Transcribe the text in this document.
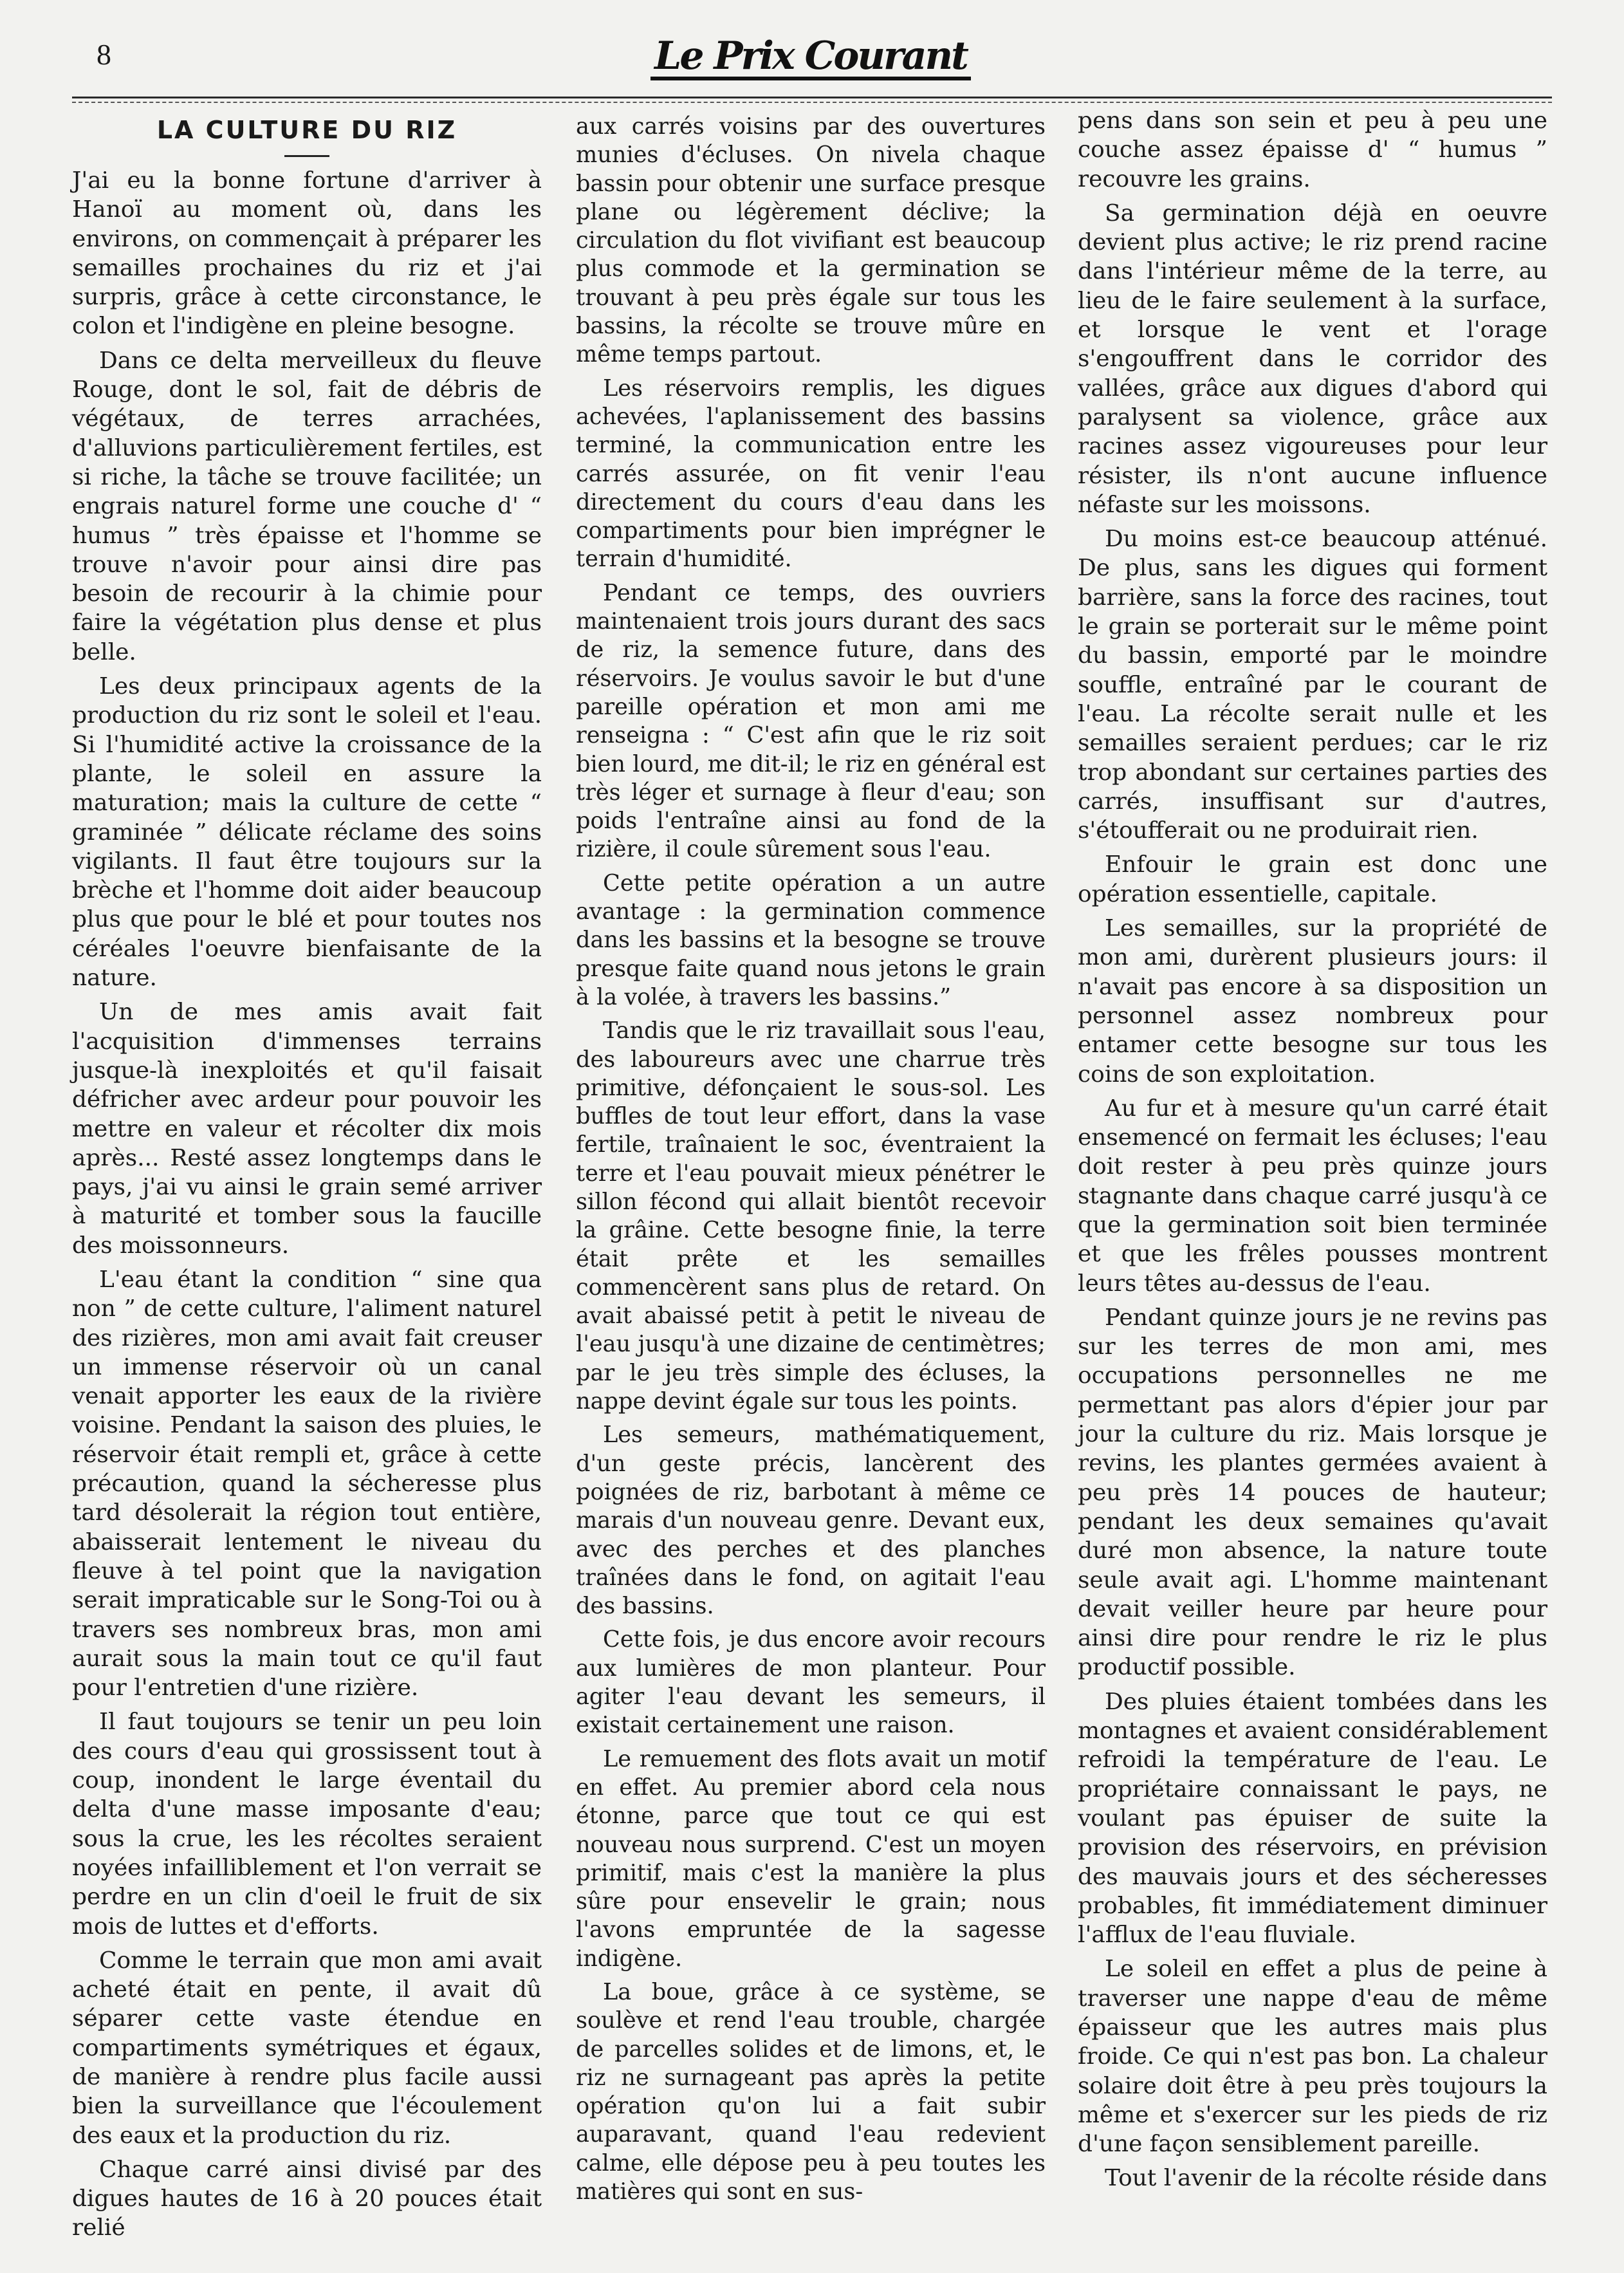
8	Le Prix Courant
LA CULTURE DU RIZ

J'ai eu la bonne fortune d'arriver à Hanoï au moment où, dans les environs, on commençait à préparer les semailles prochaines du riz et j'ai surpris, grâce à cette circonstance, le colon et l'indigène en pleine besogne.

Dans ce delta merveilleux du fleuve Rouge, dont le sol, fait de débris de végétaux, de terres arrachées, d'alluvions particulièrement fertiles, est si riche, la tâche se trouve facilitée; un engrais naturel forme une couche d' “ humus ” très épaisse et l'homme se trouve n'avoir pour ainsi dire pas besoin de recourir à la chimie pour faire la végétation plus dense et plus belle.

Les deux principaux agents de la production du riz sont le soleil et l'eau. Si l'humidité active la croissance de la plante, le soleil en assure la maturation; mais la culture de cette “ graminée ” délicate réclame des soins vigilants. Il faut être toujours sur la brèche et l'homme doit aider beaucoup plus que pour le blé et pour toutes nos céréales l'oeuvre bienfaisante de la nature.

Un de mes amis avait fait l'acquisition d'immenses terrains jusque-là inexploités et qu'il faisait défricher avec ardeur pour pouvoir les mettre en valeur et récolter dix mois après... Resté assez longtemps dans le pays, j'ai vu ainsi le grain semé arriver à maturité et tomber sous la faucille des moissonneurs.

L'eau étant la condition “ sine qua non ” de cette culture, l'aliment naturel des rizières, mon ami avait fait creuser un immense réservoir où un canal venait apporter les eaux de la rivière voisine. Pendant la saison des pluies, le réservoir était rempli et, grâce à cette précaution, quand la sécheresse plus tard désolerait la région tout entière, abaisserait lentement le niveau du fleuve à tel point que la navigation serait impraticable sur le Song-Toi ou à travers ses nombreux bras, mon ami aurait sous la main tout ce qu'il faut pour l'entretien d'une rizière.

Il faut toujours se tenir un peu loin des cours d'eau qui grossissent tout à coup, inondent le large éventail du delta d'une masse imposante d'eau; sous la crue, les les récoltes seraient noyées infailliblement et l'on verrait se perdre en un clin d'oeil le fruit de six mois de luttes et d'efforts.

Comme le terrain que mon ami avait acheté était en pente, il avait dû séparer cette vaste étendue en compartiments symétriques et égaux, de manière à rendre plus facile aussi bien la surveillance que l'écoulement des eaux et la production du riz.

Chaque carré ainsi divisé par des digues hautes de 16 à 20 pouces était relié

aux carrés voisins par des ouvertures munies d'écluses. On nivela chaque bassin pour obtenir une surface presque plane ou légèrement déclive; la circulation du flot vivifiant est beaucoup plus commode et la germination se trouvant à peu près égale sur tous les bassins, la récolte se trouve mûre en même temps partout.

Les réservoirs remplis, les digues achevées, l'aplanissement des bassins terminé, la communication entre les carrés assurée, on fit venir l'eau directement du cours d'eau dans les compartiments pour bien imprégner le terrain d'humidité.

Pendant ce temps, des ouvriers maintenaient trois jours durant des sacs de riz, la semence future, dans des réservoirs. Je voulus savoir le but d'une pareille opération et mon ami me renseigna : “ C'est afin que le riz soit bien lourd, me dit-il; le riz en général est très léger et surnage à fleur d'eau; son poids l'entraîne ainsi au fond de la rizière, il coule sûrement sous l'eau.

Cette petite opération a un autre avantage : la germination commence dans les bassins et la besogne se trouve presque faite quand nous jetons le grain à la volée, à travers les bassins.”

Tandis que le riz travaillait sous l'eau, des laboureurs avec une charrue très primitive, défonçaient le sous-sol. Les buffles de tout leur effort, dans la vase fertile, traînaient le soc, éventraient la terre et l'eau pouvait mieux pénétrer le sillon fécond qui allait bientôt recevoir la grâine. Cette besogne finie, la terre était prête et les semailles commencèrent sans plus de retard. On avait abaissé petit à petit le niveau de l'eau jusqu'à une dizaine de centimètres; par le jeu très simple des écluses, la nappe devint égale sur tous les points.

Les semeurs, mathématiquement, d'un geste précis, lancèrent des poignées de riz, barbotant à même ce marais d'un nouveau genre. Devant eux, avec des perches et des planches traînées dans le fond, on agitait l'eau des bassins.

Cette fois, je dus encore avoir recours aux lumières de mon planteur. Pour agiter l'eau devant les semeurs, il existait certainement une raison.

Le remuement des flots avait un motif en effet. Au premier abord cela nous étonne, parce que tout ce qui est nouveau nous surprend. C'est un moyen primitif, mais c'est la manière la plus sûre pour ensevelir le grain; nous l'avons empruntée de la sagesse indigène.

La boue, grâce à ce système, se soulève et rend l'eau trouble, chargée de parcelles solides et de limons, et, le riz ne surnageant pas après la petite opération qu'on lui a fait subir auparavant, quand l'eau redevient calme, elle dépose peu à peu toutes les matières qui sont en sus-

pens dans son sein et peu à peu une couche assez épaisse d' “ humus ” recouvre les grains.

Sa germination déjà en oeuvre devient plus active; le riz prend racine dans l'intérieur même de la terre, au lieu de le faire seulement à la surface, et lorsque le vent et l'orage s'engouffrent dans le corridor des vallées, grâce aux digues d'abord qui paralysent sa violence, grâce aux racines assez vigoureuses pour leur résister, ils n'ont aucune influence néfaste sur les moissons.

Du moins est-ce beaucoup atténué. De plus, sans les digues qui forment barrière, sans la force des racines, tout le grain se porterait sur le même point du bassin, emporté par le moindre souffle, entraîné par le courant de l'eau. La récolte serait nulle et les semailles seraient perdues; car le riz trop abondant sur certaines parties des carrés, insuffisant sur d'autres, s'étoufferait ou ne produirait rien.

Enfouir le grain est donc une opération essentielle, capitale.

Les semailles, sur la propriété de mon ami, durèrent plusieurs jours: il n'avait pas encore à sa disposition un personnel assez nombreux pour entamer cette besogne sur tous les coins de son exploitation.

Au fur et à mesure qu'un carré était ensemencé on fermait les écluses; l'eau doit rester à peu près quinze jours stagnante dans chaque carré jusqu'à ce que la germination soit bien terminée et que les frêles pousses montrent leurs têtes au-dessus de l'eau.

Pendant quinze jours je ne revins pas sur les terres de mon ami, mes occupations personnelles ne me permettant pas alors d'épier jour par jour la culture du riz. Mais lorsque je revins, les plantes germées avaient à peu près 14 pouces de hauteur; pendant les deux semaines qu'avait duré mon absence, la nature toute seule avait agi. L'homme maintenant devait veiller heure par heure pour ainsi dire pour rendre le riz le plus productif possible.

Des pluies étaient tombées dans les montagnes et avaient considérablement refroidi la température de l'eau. Le propriétaire connaissant le pays, ne voulant pas épuiser de suite la provision des réservoirs, en prévision des mauvais jours et des sécheresses probables, fit immédiatement diminuer l'afflux de l'eau fluviale.

Le soleil en effet a plus de peine à traverser une nappe d'eau de même épaisseur que les autres mais plus froide. Ce qui n'est pas bon. La chaleur solaire doit être à peu près toujours la même et s'exercer sur les pieds de riz d'une façon sensiblement pareille.

Tout l'avenir de la récolte réside dans
